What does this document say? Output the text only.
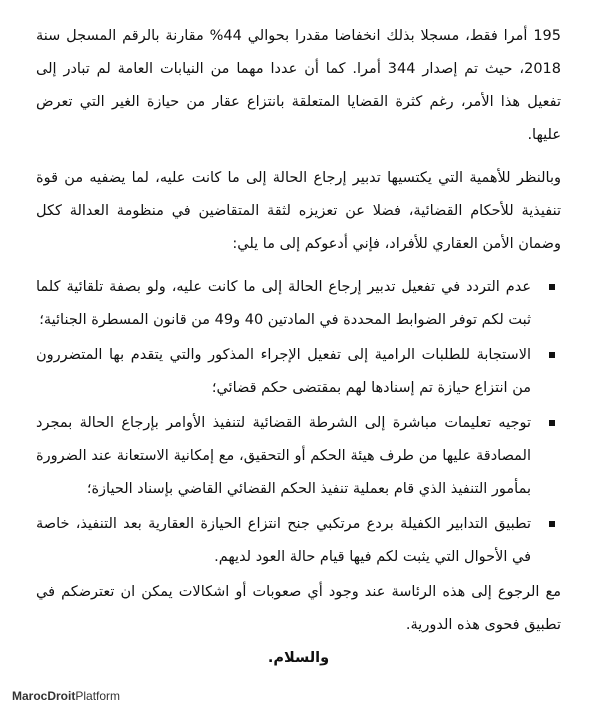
195 أمرا فقط، مسجلا بذلك انخفاضا مقدرا بحوالي 44% مقارنة بالرقم المسجل سنة 2018، حيث تم إصدار 344 أمرا. كما أن عددا مهما من النيابات العامة لم تبادر إلى تفعيل هذا الأمر، رغم كثرة القضايا المتعلقة بانتزاع عقار من حيازة الغير التي تعرض عليها.

وبالنظر للأهمية التي يكتسيها تدبير إرجاع الحالة إلى ما كانت عليه، لما يضفيه من قوة تنفيذية للأحكام القضائية، فضلا عن تعزيزه لثقة المتقاضين في منظومة العدالة ككل وضمان الأمن العقاري للأفراد، فإني أدعوكم إلى ما يلي:

عدم التردد في تفعيل تدبير إرجاع الحالة إلى ما كانت عليه، ولو بصفة تلقائية كلما ثبت لكم توفر الضوابط المحددة في المادتين 40 و49 من قانون المسطرة الجنائية؛
الاستجابة للطلبات الرامية إلى تفعيل الإجراء المذكور والتي يتقدم بها المتضررون من انتزاع حيازة تم إسنادها لهم بمقتضى حكم قضائي؛
توجيه تعليمات مباشرة إلى الشرطة القضائية لتنفيذ الأوامر بإرجاع الحالة بمجرد المصادقة عليها من طرف هيئة الحكم أو التحقيق، مع إمكانية الاستعانة عند الضرورة بمأمور التنفيذ الذي قام بعملية تنفيذ الحكم القضائي القاضي بإسناد الحيازة؛
تطبيق التدابير الكفيلة بردع مرتكبي جنح انتزاع الحيازة العقارية بعد التنفيذ، خاصة في الأحوال التي يثبت لكم فيها قيام حالة العود لديهم.

مع الرجوع إلى هذه الرئاسة عند وجود أي صعوبات أو اشكالات يمكن ان تعترضكم في تطبيق فحوى هذه الدورية.

والسلام.

MarocDroitPlatform
